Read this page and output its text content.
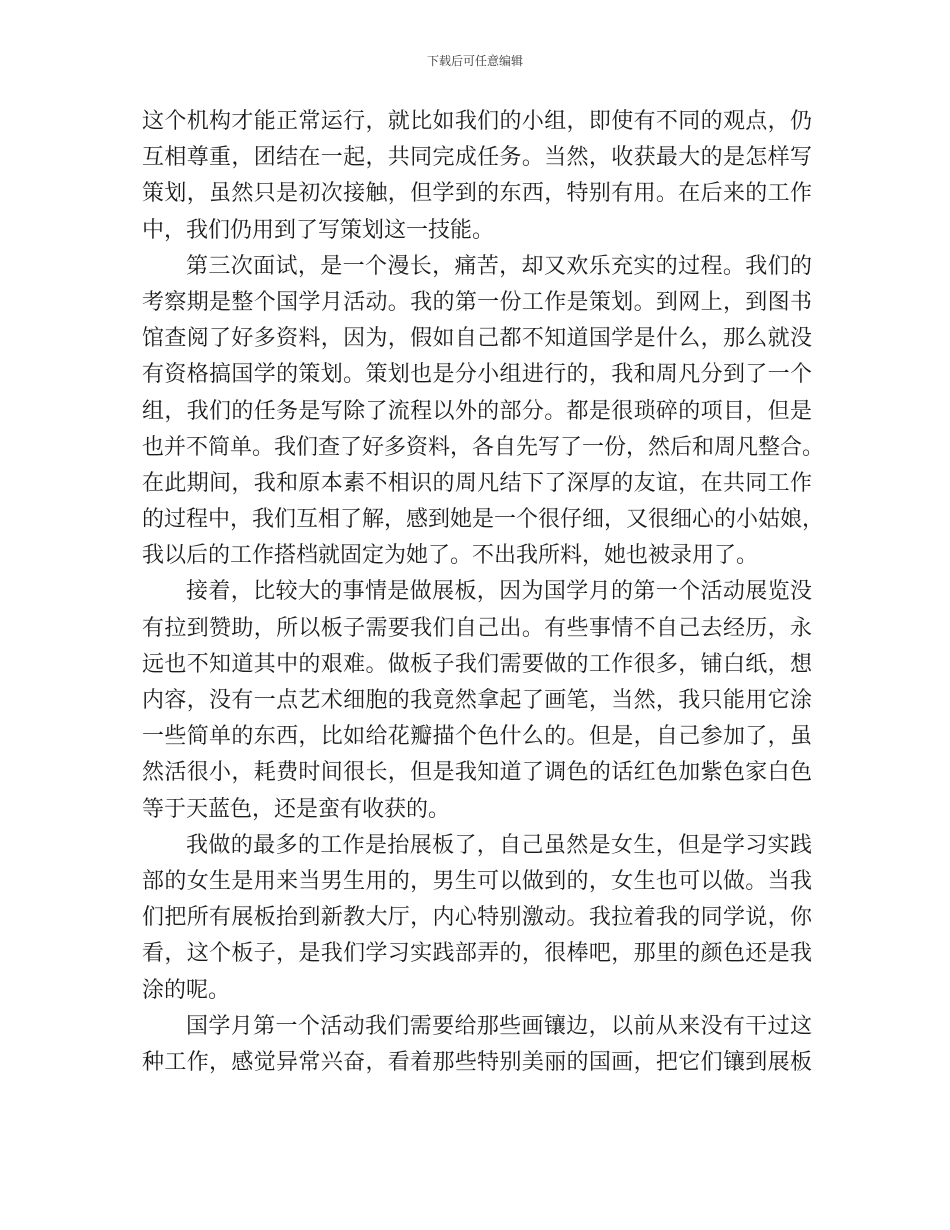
下载后可任意编辑
这个机构才能正常运行，就比如我们的小组，即使有不同的观点，仍
互相尊重，团结在一起，共同完成任务。当然，收获最大的是怎样写
策划，虽然只是初次接触，但学到的东西，特别有用。在后来的工作
中，我们仍用到了写策划这一技能。
第三次面试，是一个漫长，痛苦，却又欢乐充实的过程。我们的
考察期是整个国学月活动。我的第一份工作是策划。到网上，到图书
馆查阅了好多资料，因为，假如自己都不知道国学是什么，那么就没
有资格搞国学的策划。策划也是分小组进行的，我和周凡分到了一个
组，我们的任务是写除了流程以外的部分。都是很琐碎的项目，但是
也并不简单。我们查了好多资料，各自先写了一份，然后和周凡整合。
在此期间，我和原本素不相识的周凡结下了深厚的友谊，在共同工作
的过程中，我们互相了解，感到她是一个很仔细，又很细心的小姑娘，
我以后的工作搭档就固定为她了。不出我所料，她也被录用了。
接着，比较大的事情是做展板，因为国学月的第一个活动展览没
有拉到赞助，所以板子需要我们自己出。有些事情不自己去经历，永
远也不知道其中的艰难。做板子我们需要做的工作很多，铺白纸，想
内容，没有一点艺术细胞的我竟然拿起了画笔，当然，我只能用它涂
一些简单的东西，比如给花瓣描个色什么的。但是，自己参加了，虽
然活很小，耗费时间很长，但是我知道了调色的话红色加紫色家白色
等于天蓝色，还是蛮有收获的。
我做的最多的工作是抬展板了，自己虽然是女生，但是学习实践
部的女生是用来当男生用的，男生可以做到的，女生也可以做。当我
们把所有展板抬到新教大厅，内心特别激动。我拉着我的同学说，你
看，这个板子，是我们学习实践部弄的，很棒吧，那里的颜色还是我
涂的呢。
国学月第一个活动我们需要给那些画镶边，以前从来没有干过这
种工作，感觉异常兴奋，看着那些特别美丽的国画，把它们镶到展板
